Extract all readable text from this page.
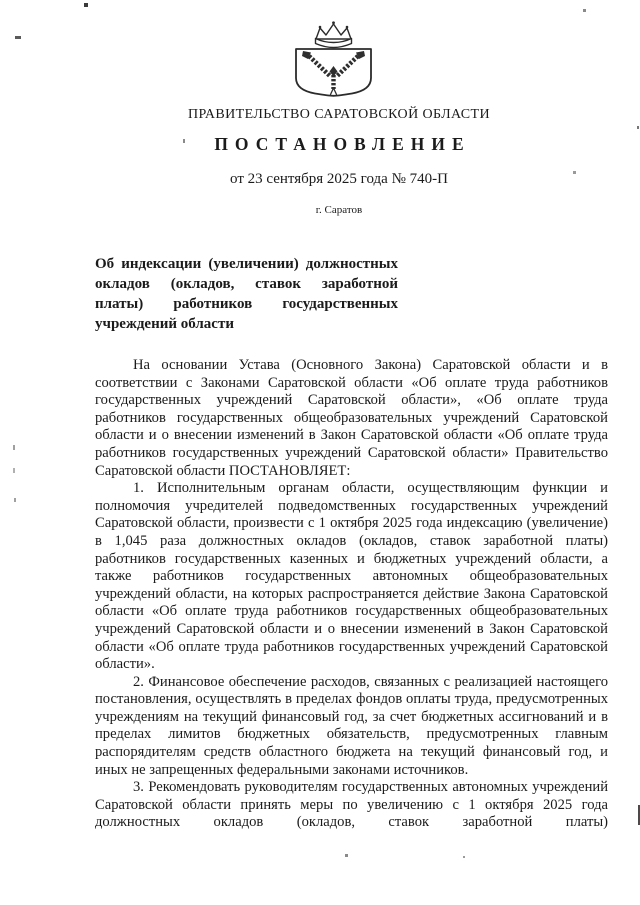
ПРАВИТЕЛЬСТВО САРАТОВСКОЙ ОБЛАСТИ
ПОСТАНОВЛЕНИЕ
от 23 сентября 2025 года № 740-П
г. Саратов
Об индексации (увеличении) должностных окладов (окладов, ставок заработной платы) работников государственных учреждений области

На основании Устава (Основного Закона) Саратовской области и в соответствии с Законами Саратовской области «Об оплате труда работников государственных учреждений Саратовской области», «Об оплате труда работников государственных общеобразовательных учреждений Саратовской области и о внесении изменений в Закон Саратовской области «Об оплате труда работников государственных учреждений Саратовской области» Правительство Саратовской области ПОСТАНОВЛЯЕТ:

1. Исполнительным органам области, осуществляющим функции и полномочия учредителей подведомственных государственных учреждений Саратовской области, произвести с 1 октября 2025 года индексацию (увеличение) в 1,045 раза должностных окладов (окладов, ставок заработной платы) работников государственных казенных и бюджетных учреждений области, а также работников государственных автономных общеобразовательных учреждений области, на которых распространяется действие Закона Саратовской области «Об оплате труда работников государственных общеобразовательных учреждений Саратовской области и о внесении изменений в Закон Саратовской области «Об оплате труда работников государственных учреждений Саратовской области».

2. Финансовое обеспечение расходов, связанных с реализацией настоящего постановления, осуществлять в пределах фондов оплаты труда, предусмотренных учреждениям на текущий финансовый год, за счет бюджетных ассигнований и в пределах лимитов бюджетных обязательств, предусмотренных главным распорядителям средств областного бюджета на текущий финансовый год, и иных не запрещенных федеральными законами источников.

3. Рекомендовать руководителям государственных автономных учреждений Саратовской области принять меры по увеличению с 1 октября 2025 года должностных окладов (окладов, ставок заработной платы)
